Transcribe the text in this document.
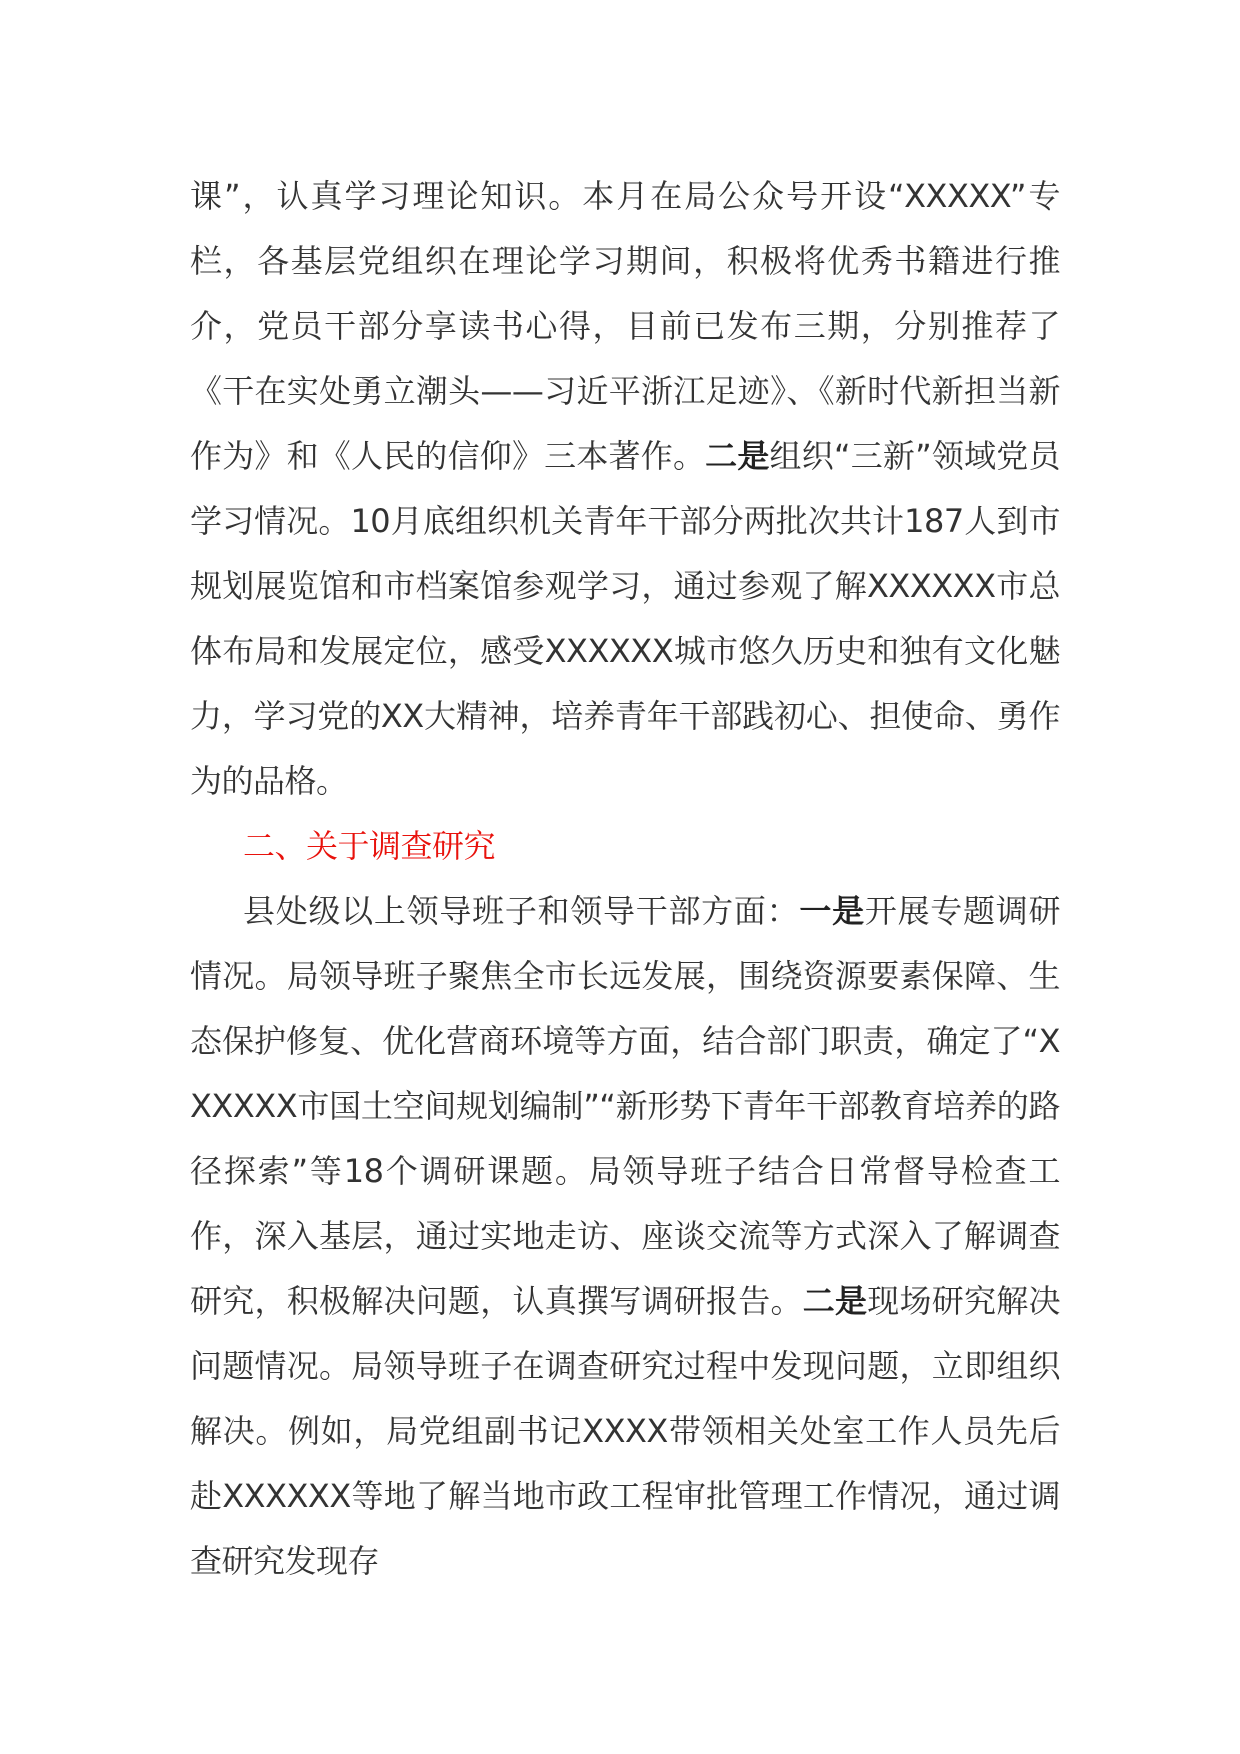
课”，认真学习理论知识。本月在局公众号开设“XXXXX”专栏，各基层党组织在理论学习期间，积极将优秀书籍进行推介，党员干部分享读书心得，目前已发布三期，分别推荐了《干在实处勇立潮头——习近平浙江足迹》、《新时代新担当新作为》和《人民的信仰》三本著作。二是组织“三新”领域党员学习情况。10月底组织机关青年干部分两批次共计187人到市规划展览馆和市档案馆参观学习，通过参观了解XXXXXX市总体布局和发展定位，感受XXXXXX城市悠久历史和独有文化魅力，学习党的XX大精神，培养青年干部践初心、担使命、勇作为的品格。

二、关于调查研究

县处级以上领导班子和领导干部方面：一是开展专题调研情况。局领导班子聚焦全市长远发展，围绕资源要素保障、生态保护修复、优化营商环境等方面，结合部门职责，确定了“XXXXXX市国土空间规划编制”“新形势下青年干部教育培养的路径探索”等18个调研课题。局领导班子结合日常督导检查工作，深入基层，通过实地走访、座谈交流等方式深入了解调查研究，积极解决问题，认真撰写调研报告。二是现场研究解决问题情况。局领导班子在调查研究过程中发现问题，立即组织解决。例如，局党组副书记XXXX带领相关处室工作人员先后赴XXXXXX等地了解当地市政工程审批管理工作情况，通过调查研究发现存
